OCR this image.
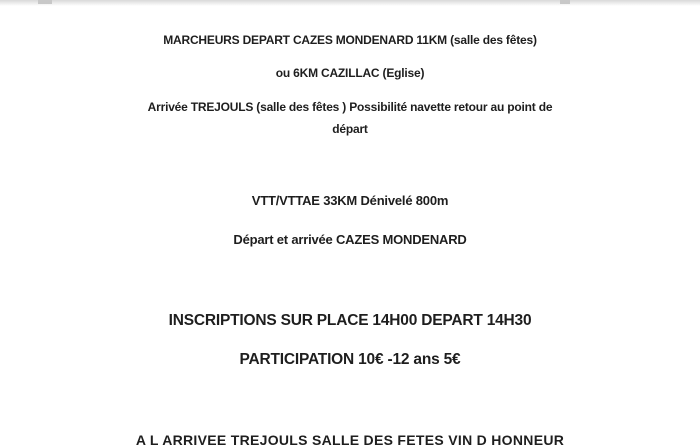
MARCHEURS DEPART CAZES MONDENARD 11KM (salle des fêtes)
ou 6KM CAZILLAC (Eglise)
Arrivée TREJOULS (salle des fêtes ) Possibilité navette retour au point de
départ
VTT/VTTAE 33KM Dénivelé 800m
Départ et arrivée CAZES MONDENARD
INSCRIPTIONS SUR PLACE 14H00 DEPART 14H30
PARTICIPATION 10€ -12 ans 5€
A L ARRIVEE TREJOULS SALLE DES FETES VIN D HONNEUR
